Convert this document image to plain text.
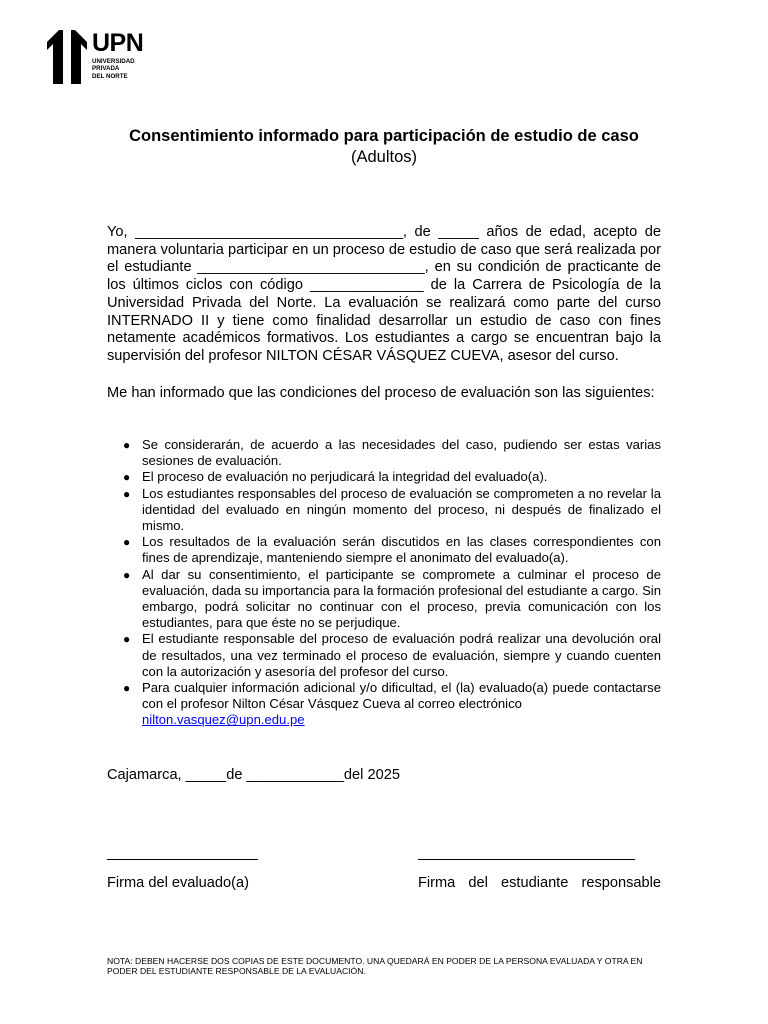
UPN
UNIVERSIDAD
PRIVADA
DEL NORTE
Consentimiento informado para participación de estudio de caso
(Adultos)
Yo, _________________________________, de _____ años de edad, acepto de manera voluntaria participar en un proceso de estudio de caso que será realizada por el estudiante ____________________________, en su condición de practicante de los últimos ciclos con código ______________ de la Carrera de Psicología de la Universidad Privada del Norte. La evaluación se realizará como parte del curso INTERNADO II y tiene como finalidad desarrollar un estudio de caso con fines netamente académicos formativos. Los estudiantes a cargo se encuentran bajo la supervisión del profesor NILTON CÉSAR VÁSQUEZ CUEVA, asesor del curso.
Me han informado que las condiciones del proceso de evaluación son las siguientes:
● Se considerarán, de acuerdo a las necesidades del caso, pudiendo ser estas varias sesiones de evaluación.
● El proceso de evaluación no perjudicará la integridad del evaluado(a).
● Los estudiantes responsables del proceso de evaluación se comprometen a no revelar la identidad del evaluado en ningún momento del proceso, ni después de finalizado el mismo.
● Los resultados de la evaluación serán discutidos en las clases correspondientes con fines de aprendizaje, manteniendo siempre el anonimato del evaluado(a).
● Al dar su consentimiento, el participante se compromete a culminar el proceso de evaluación, dada su importancia para la formación profesional del estudiante a cargo. Sin embargo, podrá solicitar no continuar con el proceso, previa comunicación con los estudiantes, para que éste no se perjudique.
● El estudiante responsable del proceso de evaluación podrá realizar una devolución oral de resultados, una vez terminado el proceso de evaluación, siempre y cuando cuenten con la autorización y asesoría del profesor del curso.
● Para cualquier información adicional y/o dificultad, el (la) evaluado(a) puede contactarse con el profesor Nilton César Vásquez Cueva al correo electrónico
nilton.vasquez@upn.edu.pe
Cajamarca, _____de ____________del 2025
Firma del evaluado(a)	Firma del estudiante responsable
NOTA: DEBEN HACERSE DOS COPIAS DE ESTE DOCUMENTO. UNA QUEDARÁ EN PODER DE LA PERSONA EVALUADA Y OTRA EN PODER DEL ESTUDIANTE RESPONSABLE DE LA EVALUACIÓN.
